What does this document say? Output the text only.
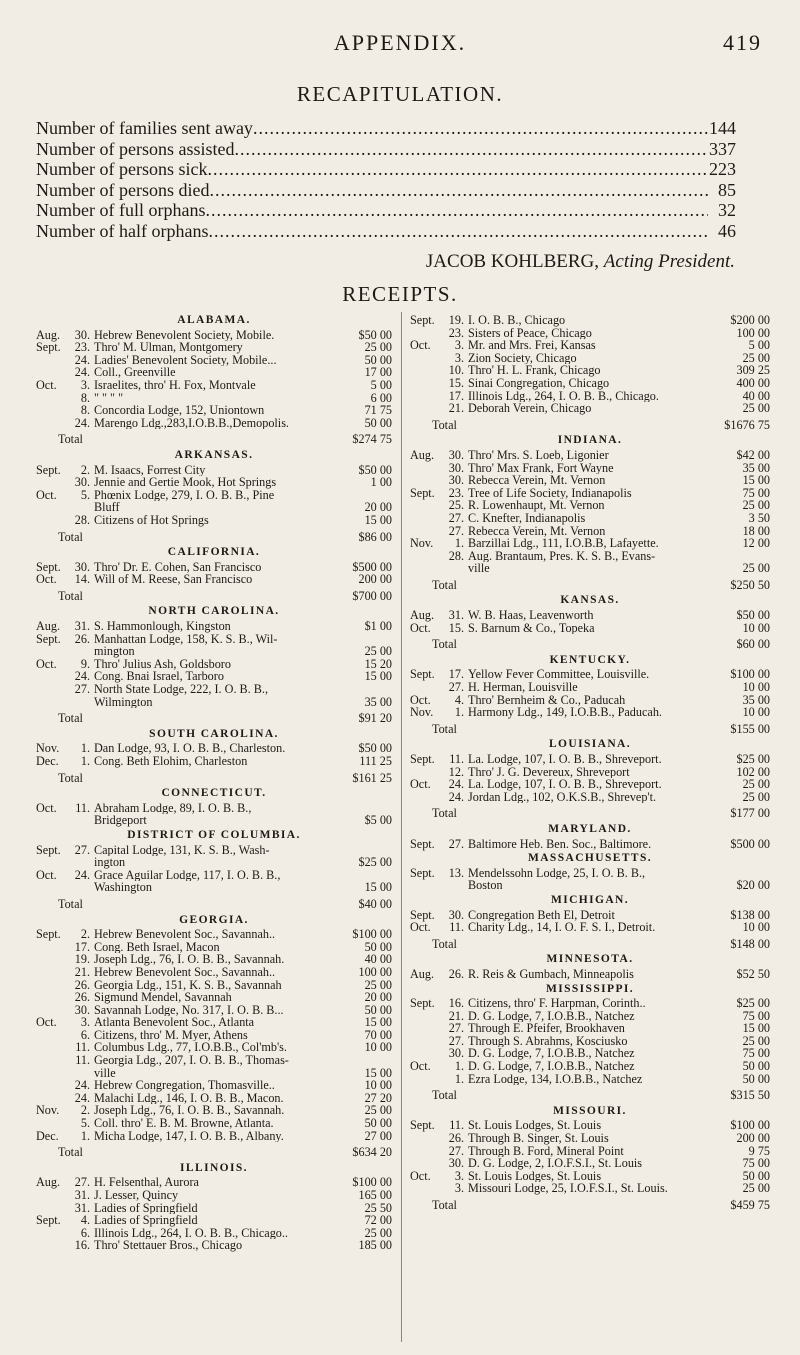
APPENDIX.	419
RECAPITULATION.
Number of families sent away .....	144
Number of persons assisted .....	337
Number of persons sick .....	223
Number of persons died .....	85
Number of full orphans .....	32
Number of half orphans .....	46
JACOB KOHLBERG, Acting President.
RECEIPTS.
ALABAMA.
Aug.	30. Hebrew Benevolent Society, Mobile.	$50 00
Sept.	23. Thro' M. Ulman, Montgomery	25 00
24. Ladies' Benevolent Society, Mobile...	50 00
24. Coll., Greenville	17 00
Oct.	3. Israelites, thro' H. Fox, Montvale	5 00
8. " " " "	6 00
8. Concordia Lodge, 152, Uniontown	71 75
24. Marengo Ldg.,283,I.O.B.B.,Demopolis.	50 00
Total	$274 75
ARKANSAS.
Sept.	2. M. Isaacs, Forrest City	$50 00
30. Jennie and Gertie Mook, Hot Springs	1 00
Oct.	5. Phœnix Lodge, 279, I. O. B. B., Pine
Bluff	20 00
28. Citizens of Hot Springs	15 00
Total	$86 00
CALIFORNIA.
Sept.	30. Thro' Dr. E. Cohen, San Francisco	$500 00
Oct.	14. Will of M. Reese, San Francisco	200 00
Total	$700 00
NORTH CAROLINA.
Aug.	31. S. Hammonlough, Kingston	$1 00
Sept.	26. Manhattan Lodge, 158, K. S. B., Wil-
mington	25 00
Oct.	9. Thro' Julius Ash, Goldsboro	15 20
24. Cong. Bnai Israel, Tarboro	15 00
27. North State Lodge, 222, I. O. B. B.,
Wilmington	35 00
Total	$91 20
SOUTH CAROLINA.
Nov.	1. Dan Lodge, 93, I. O. B. B., Charleston.	$50 00
Dec.	1. Cong. Beth Elohim, Charleston	111 25
Total	$161 25
CONNECTICUT.
Oct.	11. Abraham Lodge, 89, I. O. B. B.,
Bridgeport	$5 00
DISTRICT OF COLUMBIA.
Sept.	27. Capital Lodge, 131, K. S. B., Wash-
ington	$25 00
Oct.	24. Grace Aguilar Lodge, 117, I. O. B. B.,
Washington	15 00
Total	$40 00
GEORGIA.
Sept.	2. Hebrew Benevolent Soc., Savannah..	$100 00
17. Cong. Beth Israel, Macon	50 00
19. Joseph Ldg., 76, I. O. B. B., Savannah.	40 00
21. Hebrew Benevolent Soc., Savannah..	100 00
26. Georgia Ldg., 151, K. S. B., Savannah	25 00
26. Sigmund Mendel, Savannah	20 00
30. Savannah Lodge, No. 317, I. O. B. B...	50 00
Oct.	3. Atlanta Benevolent Soc., Atlanta	15 00
6. Citizens, thro' M. Myer, Athens	70 00
11. Columbus Ldg., 77, I.O.B.B., Col'mb's.	10 00
11. Georgia Ldg., 207, I. O. B. B., Thomas-
ville	15 00
24. Hebrew Congregation, Thomasville..	10 00
24. Malachi Ldg., 146, I. O. B. B., Macon.	27 20
Nov.	2. Joseph Ldg., 76, I. O. B. B., Savannah.	25 00
5. Coll. thro' E. B. M. Browne, Atlanta.	50 00
Dec.	1. Micha Lodge, 147, I. O. B. B., Albany.	27 00
Total	$634 20
ILLINOIS.
Aug.	27. H. Felsenthal, Aurora	$100 00
31. J. Lesser, Quincy	165 00
31. Ladies of Springfield	25 50
Sept.	4. Ladies of Springfield	72 00
6. Illinois Ldg., 264, I. O. B. B., Chicago..	25 00
16. Thro' Stettauer Bros., Chicago	185 00
Sept.	19. I. O. B. B., Chicago	$200 00
23. Sisters of Peace, Chicago	100 00
Oct.	3. Mr. and Mrs. Frei, Kansas	5 00
3. Zion Society, Chicago	25 00
10. Thro' H. L. Frank, Chicago	309 25
15. Sinai Congregation, Chicago	400 00
17. Illinois Ldg., 264, I. O. B. B., Chicago.	40 00
21. Deborah Verein, Chicago	25 00
Total	$1676 75
INDIANA.
Aug.	30. Thro' Mrs. S. Loeb, Ligonier	$42 00
30. Thro' Max Frank, Fort Wayne	35 00
30. Rebecca Verein, Mt. Vernon	15 00
Sept.	23. Tree of Life Society, Indianapolis	75 00
25. R. Lowenhaupt, Mt. Vernon	25 00
27. C. Knefter, Indianapolis	3 50
27. Rebecca Verein, Mt. Vernon	18 00
Nov.	1. Barzillai Ldg., 111, I.O.B.B, Lafayette.	12 00
28. Aug. Brantaum, Pres. K. S. B., Evans-
ville	25 00
Total	$250 50
KANSAS.
Aug.	31. W. B. Haas, Leavenworth	$50 00
Oct.	15. S. Barnum & Co., Topeka	10 00
Total	$60 00
KENTUCKY.
Sept.	17. Yellow Fever Committee, Louisville.	$100 00
27. H. Herman, Louisville	10 00
Oct.	4. Thro' Bernheim & Co., Paducah	35 00
Nov.	1. Harmony Ldg., 149, I.O.B.B., Paducah.	10 00
Total	$155 00
LOUISIANA.
Sept.	11. La. Lodge, 107, I. O. B. B., Shreveport.	$25 00
12. Thro' J. G. Devereux, Shreveport	102 00
Oct.	24. La. Lodge, 107, I. O. B. B., Shreveport.	25 00
24. Jordan Ldg., 102, O.K.S.B., Shrevep't.	25 00
Total	$177 00
MARYLAND.
Sept.	27. Baltimore Heb. Ben. Soc., Baltimore.	$500 00
MASSACHUSETTS.
Sept.	13. Mendelssohn Lodge, 25, I. O. B. B.,
Boston	$20 00
MICHIGAN.
Sept.	30. Congregation Beth El, Detroit	$138 00
Oct.	11. Charity Ldg., 14, I. O. F. S. I., Detroit.	10 00
Total	$148 00
MINNESOTA.
Aug.	26. R. Reis & Gumbach, Minneapolis	$52 50
MISSISSIPPI.
Sept.	16. Citizens, thro' F. Harpman, Corinth..	$25 00
21. D. G. Lodge, 7, I.O.B.B., Natchez	75 00
27. Through E. Pfeifer, Brookhaven	15 00
27. Through S. Abrahms, Kosciusko	25 00
30. D. G. Lodge, 7, I.O.B.B., Natchez	75 00
Oct.	1. D. G. Lodge, 7, I.O.B.B., Natchez	50 00
1. Ezra Lodge, 134, I.O.B.B., Natchez	50 00
Total	$315 50
MISSOURI.
Sept.	11. St. Louis Lodges, St. Louis	$100 00
26. Through B. Singer, St. Louis	200 00
27. Through B. Ford, Mineral Point	9 75
30. D. G. Lodge, 2, I.O.F.S.I., St. Louis	75 00
Oct.	3. St. Louis Lodges, St. Louis	50 00
3. Missouri Lodge, 25, I.O.F.S.I., St. Louis.	25 00
Total	$459 75
